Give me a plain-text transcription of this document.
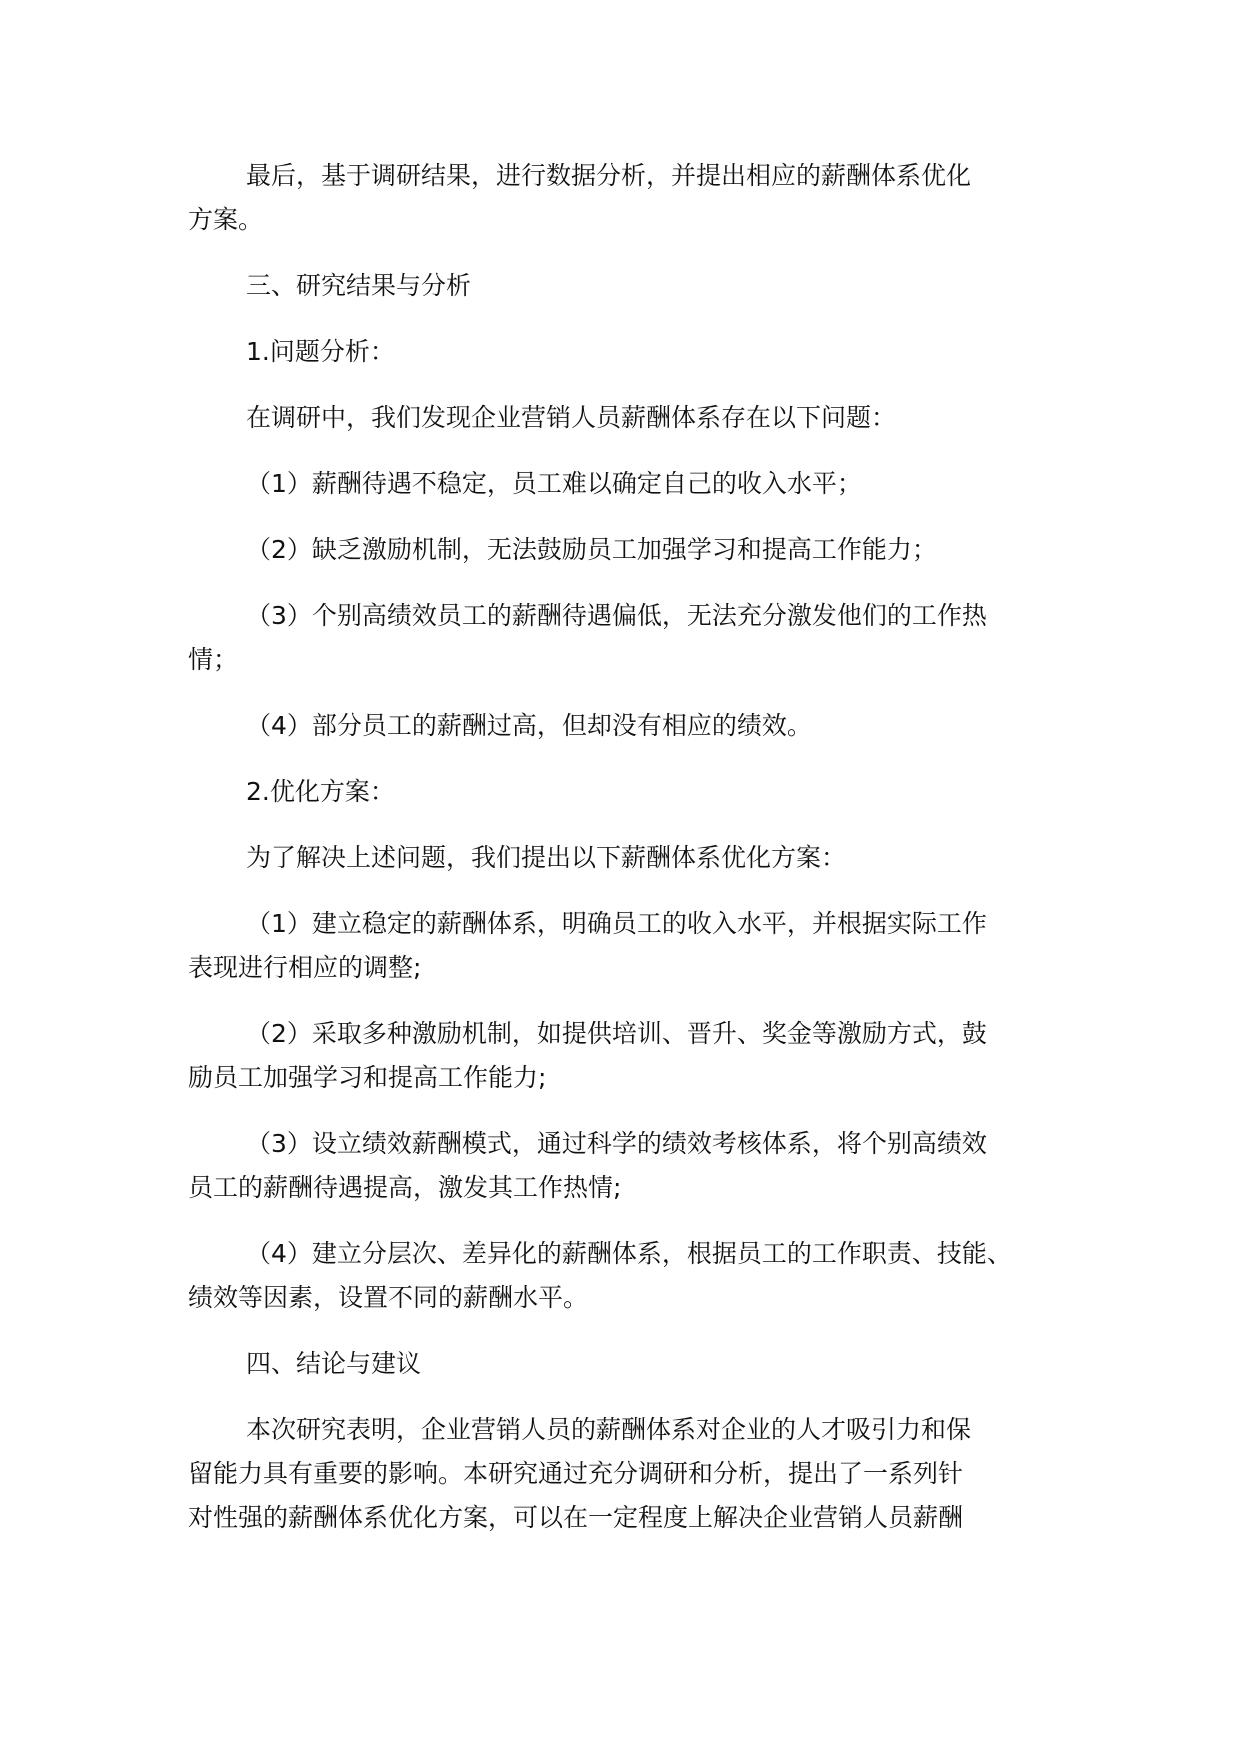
最后，基于调研结果，进行数据分析，并提出相应的薪酬体系优化
方案。
三、研究结果与分析
1.问题分析：
在调研中，我们发现企业营销人员薪酬体系存在以下问题：
（1）薪酬待遇不稳定，员工难以确定自己的收入水平；
（2）缺乏激励机制，无法鼓励员工加强学习和提高工作能力；
（3）个别高绩效员工的薪酬待遇偏低，无法充分激发他们的工作热
情；
（4）部分员工的薪酬过高，但却没有相应的绩效。
2.优化方案：
为了解决上述问题，我们提出以下薪酬体系优化方案：
（1）建立稳定的薪酬体系，明确员工的收入水平，并根据实际工作
表现进行相应的调整;
（2）采取多种激励机制，如提供培训、晋升、奖金等激励方式，鼓
励员工加强学习和提高工作能力;
（3）设立绩效薪酬模式，通过科学的绩效考核体系，将个别高绩效
员工的薪酬待遇提高，激发其工作热情;
（4）建立分层次、差异化的薪酬体系，根据员工的工作职责、技能、
绩效等因素，设置不同的薪酬水平。
四、结论与建议
本次研究表明，企业营销人员的薪酬体系对企业的人才吸引力和保
留能力具有重要的影响。本研究通过充分调研和分析，提出了一系列针
对性强的薪酬体系优化方案，可以在一定程度上解决企业营销人员薪酬
